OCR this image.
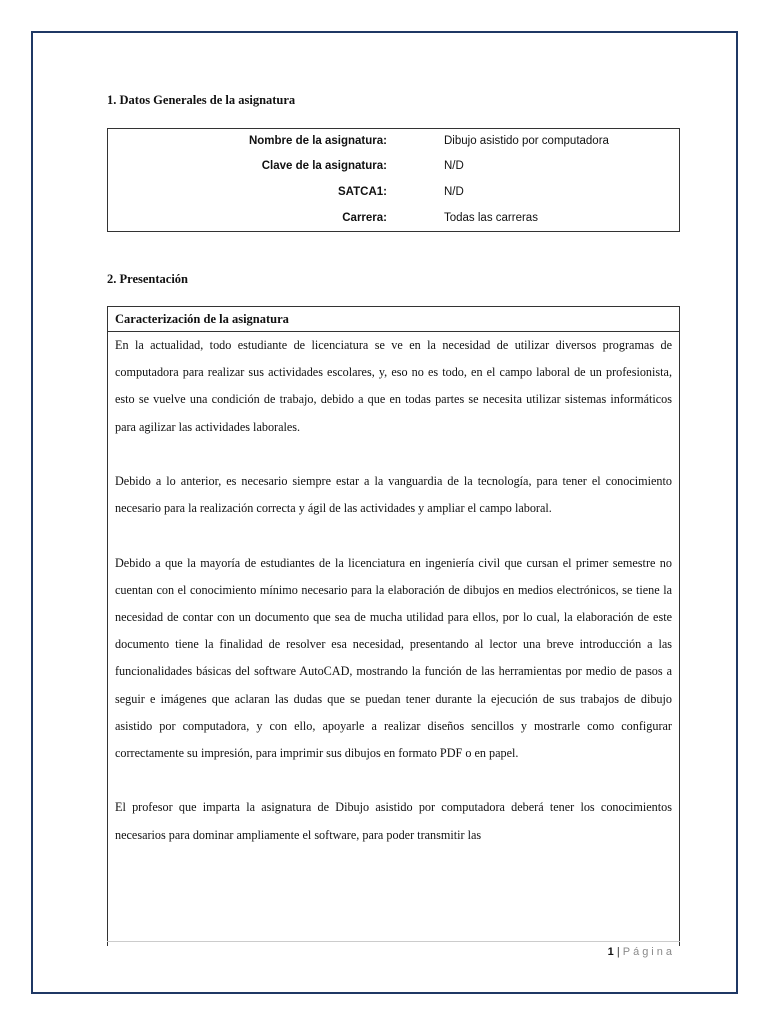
1. Datos Generales de la asignatura
Nombre de la asignatura:		Dibujo asistido por computadora
Clave de la asignatura:		N/D
SATCA1:		N/D
Carrera:		Todas las carreras
2. Presentación
Caracterización de la asignatura

En la actualidad, todo estudiante de licenciatura se ve en la necesidad de utilizar diversos programas de computadora para realizar sus actividades escolares, y, eso no es todo, en el campo laboral de un profesionista, esto se vuelve una condición de trabajo, debido a que en todas partes se necesita utilizar sistemas informáticos para agilizar las actividades laborales.

Debido a lo anterior, es necesario siempre estar a la vanguardia de la tecnología, para tener el conocimiento necesario para la realización correcta y ágil de las actividades y ampliar el campo laboral.

Debido a que la mayoría de estudiantes de la licenciatura en ingeniería civil que cursan el primer semestre no cuentan con el conocimiento mínimo necesario para la elaboración de dibujos en medios electrónicos, se tiene la necesidad de contar con un documento que sea de mucha utilidad para ellos, por lo cual, la elaboración de este documento tiene la finalidad de resolver esa necesidad, presentando al lector una breve introducción a las funcionalidades básicas del software AutoCAD, mostrando la función de las herramientas por medio de pasos a seguir e imágenes que aclaran las dudas que se puedan tener durante la ejecución de sus trabajos de dibujo asistido por computadora, y con ello, apoyarle a realizar diseños sencillos y mostrarle como configurar correctamente su impresión, para imprimir sus dibujos en formato PDF o en papel.

El profesor que imparta la asignatura de Dibujo asistido por computadora deberá tener los conocimientos necesarios para dominar ampliamente el software, para poder transmitir las

1 | Página
